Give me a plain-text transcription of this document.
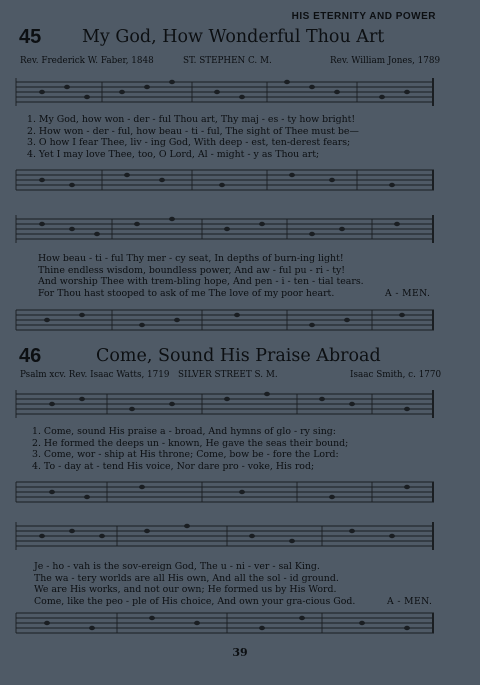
HIS ETERNITY AND POWER
45 My God, How Wonderful Thou Art
Rev. Frederick W. Faber, 1848	ST. STEPHEN C. M.	Rev. William Jones, 1789
1. My God, how won - der - ful Thou art, Thy maj - es - ty how bright!
2. How won - der - ful, how beau - ti - ful, The sight of Thee must be—
3. O how I fear Thee, liv - ing God, With deep - est, ten-derest fears;
4. Yet I may love Thee, too, O Lord, Al - might - y as Thou art;
How beau - ti - ful Thy mer - cy seat, In depths of burn-ing light!
Thine endless wisdom, boundless power, And aw - ful pu - ri - ty!
And worship Thee with trem-bling hope, And pen - i - ten - tial tears.
For Thou hast stooped to ask of me The love of my poor heart.	A - MEN.
46	Come, Sound His Praise Abroad
Psalm xcv. Rev. Isaac Watts, 1719 SILVER STREET S. M.	Isaac Smith, c. 1770
1. Come, sound His praise a - broad, And hymns of glo - ry sing:
2. He formed the deeps un - known, He gave the seas their bound;
3. Come, wor - ship at His throne; Come, bow be - fore the Lord:
4. To - day at - tend His voice, Nor dare pro - voke, His rod;
Je - ho - vah is the sov-ereign God, The u - ni - ver - sal King.
The wa - tery worlds are all His own, And all the sol - id ground.
We are His works, and not our own; He formed us by His Word.
Come, like the peo - ple of His choice, And own your gra-cious God.	A - MEN.
39
